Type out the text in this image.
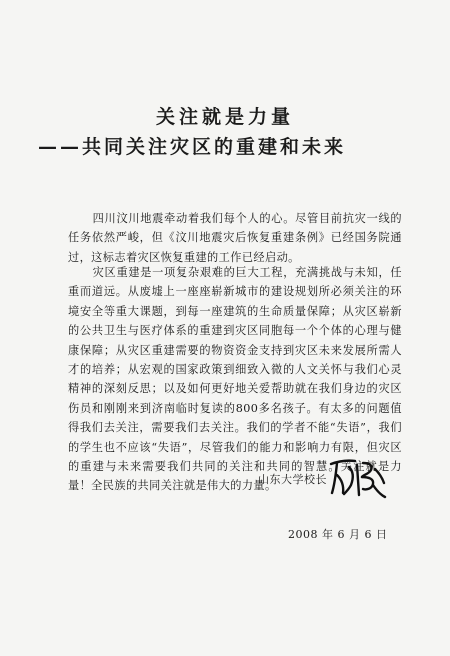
关注就是力量
——共同关注灾区的重建和未来

四川汶川地震牵动着我们每个人的心。尽管目前抗灾一线的任务依然严峻，但《汶川地震灾后恢复重建条例》已经国务院通过，这标志着灾区恢复重建的工作已经启动。

灾区重建是一项复杂艰难的巨大工程，充满挑战与未知，任重而道远。从废墟上一座座崭新城市的建设规划所必须关注的环境安全等重大课题，到每一座建筑的生命质量保障；从灾区崭新的公共卫生与医疗体系的重建到灾区同胞每一个个体的心理与健康保障；从灾区重建需要的物资资金支持到灾区未来发展所需人才的培养；从宏观的国家政策到细致入微的人文关怀与我们心灵精神的深刻反思；以及如何更好地关爱帮助就在我们身边的灾区伤员和刚刚来到济南临时复读的800多名孩子。有太多的问题值得我们去关注，需要我们去关注。我们的学者不能“失语”，我们的学生也不应该“失语”，尽管我们的能力和影响力有限，但灾区的重建与未来需要我们共同的关注和共同的智慧。关注就是力量！全民族的共同关注就是伟大的力量。

山东大学校长
2008 年 6 月 6 日
